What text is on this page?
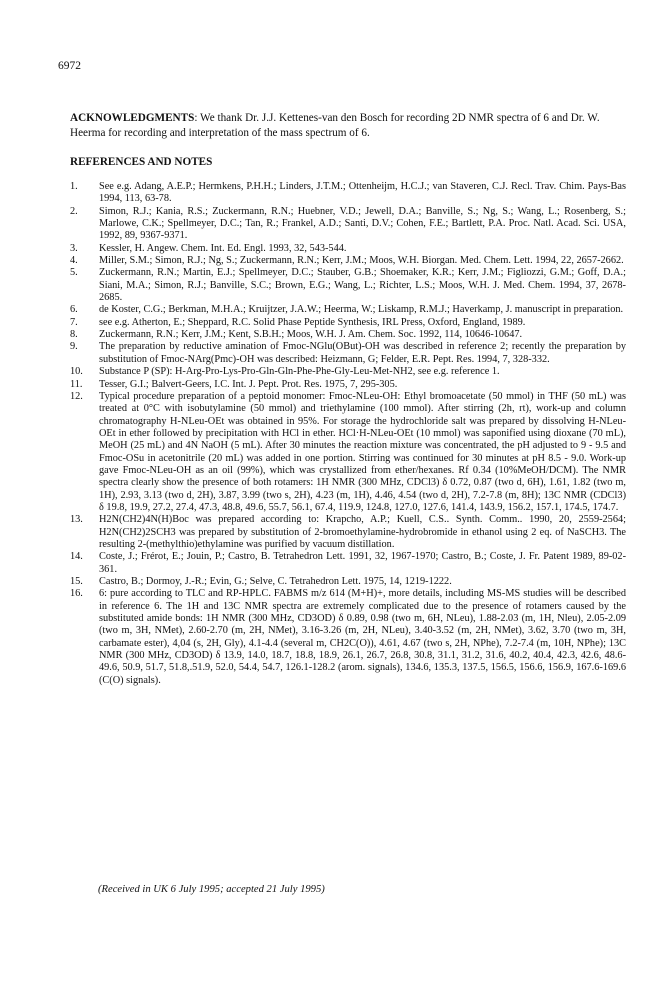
6972
ACKNOWLEDGMENTS: We thank Dr. J.J. Kettenes-van den Bosch for recording 2D NMR spectra of 6 and Dr. W. Heerma for recording and interpretation of the mass spectrum of 6.
REFERENCES AND NOTES
1.	See e.g. Adang, A.E.P.; Hermkens, P.H.H.; Linders, J.T.M.; Ottenheijm, H.C.J.; van Staveren, C.J. Recl. Trav. Chim. Pays-Bas 1994, 113, 63-78.
2.	Simon, R.J.; Kania, R.S.; Zuckermann, R.N.; Huebner, V.D.; Jewell, D.A.; Banville, S.; Ng, S.; Wang, L.; Rosenberg, S.; Marlowe, C.K.; Spellmeyer, D.C.; Tan, R.; Frankel, A.D.; Santi, D.V.; Cohen, F.E.; Bartlett, P.A. Proc. Natl. Acad. Sci. USA, 1992, 89, 9367-9371.
3.	Kessler, H. Angew. Chem. Int. Ed. Engl. 1993, 32, 543-544.
4.	Miller, S.M.; Simon, R.J.; Ng, S.; Zuckermann, R.N.; Kerr, J.M.; Moos, W.H. Biorgan. Med. Chem. Lett. 1994, 22, 2657-2662.
5.	Zuckermann, R.N.; Martin, E.J.; Spellmeyer, D.C.; Stauber, G.B.; Shoemaker, K.R.; Kerr, J.M.; Figliozzi, G.M.; Goff, D.A.; Siani, M.A.; Simon, R.J.; Banville, S.C.; Brown, E.G.; Wang, L.; Richter, L.S.; Moos, W.H. J. Med. Chem. 1994, 37, 2678-2685.
6.	de Koster, C.G.; Berkman, M.H.A.; Kruijtzer, J.A.W.; Heerma, W.; Liskamp, R.M.J.; Haverkamp, J. manuscript in preparation.
7.	see e.g. Atherton, E.; Sheppard, R.C. Solid Phase Peptide Synthesis, IRL Press, Oxford, England, 1989.
8.	Zuckermann, R.N.; Kerr, J.M.; Kent, S.B.H.; Moos, W.H. J. Am. Chem. Soc. 1992, 114, 10646-10647.
9.	The preparation by reductive amination of Fmoc-NGlu(OBut)-OH was described in reference 2; recently the preparation by substitution of Fmoc-NArg(Pmc)-OH was described: Heizmann, G; Felder, E.R. Pept. Res. 1994, 7, 328-332.
10.	Substance P (SP): H-Arg-Pro-Lys-Pro-Gln-Gln-Phe-Phe-Gly-Leu-Met-NH2, see e.g. reference 1.
11.	Tesser, G.I.; Balvert-Geers, I.C. Int. J. Pept. Prot. Res. 1975, 7, 295-305.
12.	Typical procedure preparation of a peptoid monomer: Fmoc-NLeu-OH: Ethyl bromoacetate (50 mmol) in THF (50 mL) was treated at 0°C with isobutylamine (50 mmol) and triethylamine (100 mmol). After stirring (2h, rt), work-up and column chromatography H-NLeu-OEt was obtained in 95%. For storage the hydrochloride salt was prepared by dissolving H-NLeu-OEt in ether followed by precipitation with HCl in ether. HCl·H-NLeu-OEt (10 mmol) was saponified using dioxane (70 mL), MeOH (25 mL) and 4N NaOH (5 mL). After 30 minutes the reaction mixture was concentrated, the pH adjusted to 9 - 9.5 and Fmoc-OSu in acetonitrile (20 mL) was added in one portion. Stirring was continued for 30 minutes at pH 8.5 - 9.0. Work-up gave Fmoc-NLeu-OH as an oil (99%), which was crystallized from ether/hexanes. Rf 0.34 (10%MeOH/DCM). The NMR spectra clearly show the presence of both rotamers: 1H NMR (300 MHz, CDCl3) δ 0.72, 0.87 (two d, 6H), 1.61, 1.82 (two m, 1H), 2.93, 3.13 (two d, 2H), 3.87, 3.99 (two s, 2H), 4.23 (m, 1H), 4.46, 4.54 (two d, 2H), 7.2-7.8 (m, 8H); 13C NMR (CDCl3) δ 19.8, 19.9, 27.2, 27.4, 47.3, 48.8, 49.6, 55.7, 56.1, 67.4, 119.9, 124.8, 127.0, 127.6, 141.4, 143.9, 156.2, 157.1, 174.5, 174.7.
13.	H2N(CH2)4N(H)Boc was prepared according to: Krapcho, A.P.; Kuell, C.S.. Synth. Comm.. 1990, 20, 2559-2564; H2N(CH2)2SCH3 was prepared by substitution of 2-bromoethylamine-hydrobromide in ethanol using 2 eq. of NaSCH3. The resulting 2-(methylthio)ethylamine was purified by vacuum distillation.
14.	Coste, J.; Frérot, E.; Jouin, P.; Castro, B. Tetrahedron Lett. 1991, 32, 1967-1970; Castro, B.; Coste, J. Fr. Patent 1989, 89-02-361.
15.	Castro, B.; Dormoy, J.-R.; Evin, G.; Selve, C. Tetrahedron Lett. 1975, 14, 1219-1222.
16.	6: pure according to TLC and RP-HPLC. FABMS m/z 614 (M+H)+, more details, including MS-MS studies will be described in reference 6. The 1H and 13C NMR spectra are extremely complicated due to the presence of rotamers caused by the substituted amide bonds: 1H NMR (300 MHz, CD3OD) δ 0.89, 0.98 (two m, 6H, NLeu), 1.88-2.03 (m, 1H, Nleu), 2.05-2.09 (two m, 3H, NMet), 2.60-2.70 (m, 2H, NMet), 3.16-3.26 (m, 2H, NLeu), 3.40-3.52 (m, 2H, NMet), 3.62, 3.70 (two m, 3H, carbamate ester), 4,04 (s, 2H, Gly), 4.1-4.4 (several m, CH2C(O)), 4.61, 4.67 (two s, 2H, NPhe), 7.2-7.4 (m, 10H, NPhe); 13C NMR (300 MHz, CD3OD) δ 13.9, 14.0, 18.7, 18.8, 18.9, 26.1, 26.7, 26.8, 30.8, 31.1, 31.2, 31.6, 40.2, 40.4, 42.3, 42.6, 48.6-49.6, 50.9, 51.7, 51.8,.51.9, 52.0, 54.4, 54.7, 126.1-128.2 (arom. signals), 134.6, 135.3, 137.5, 156.5, 156.6, 156.9, 167.6-169.6 (C(O) signals).
(Received in UK 6 July 1995; accepted 21 July 1995)
